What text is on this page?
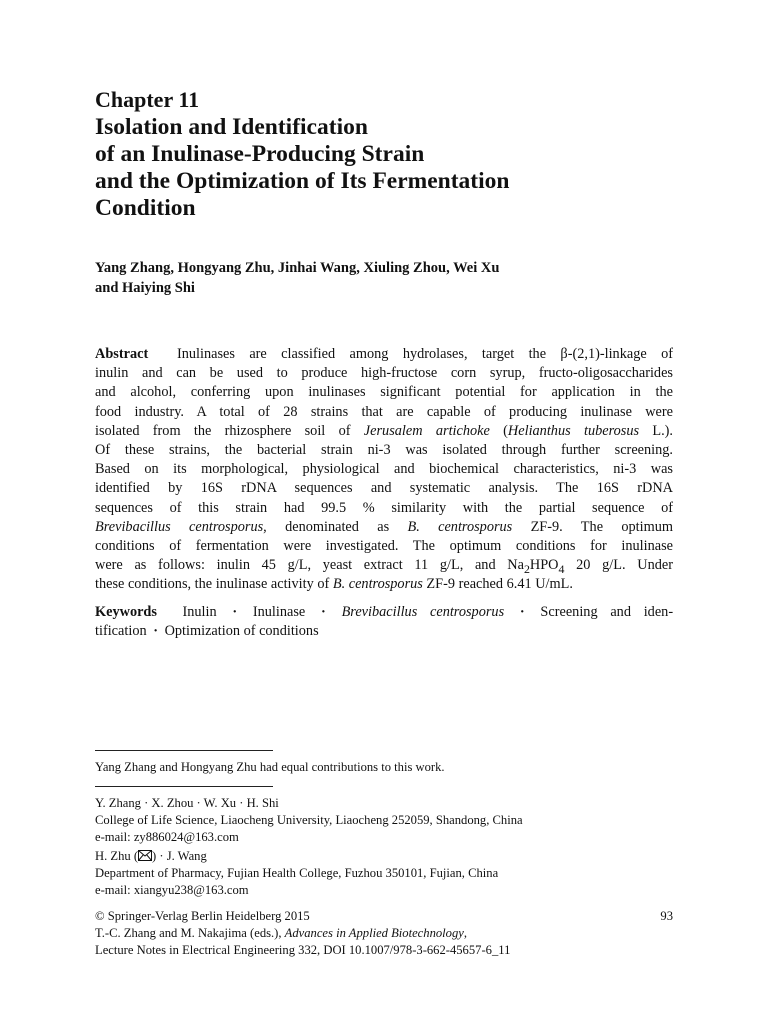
Chapter 11
Isolation and Identification
of an Inulinase-Producing Strain
and the Optimization of Its Fermentation
Condition
Yang Zhang, Hongyang Zhu, Jinhai Wang, Xiuling Zhou, Wei Xu
and Haiying Shi
Abstract Inulinases are classified among hydrolases, target the β-(2,1)-linkage of
inulin and can be used to produce high-fructose corn syrup, fructo-oligosaccharides
and alcohol, conferring upon inulinases significant potential for application in the
food industry. A total of 28 strains that are capable of producing inulinase were
isolated from the rhizosphere soil of Jerusalem artichoke (Helianthus tuberosus L.).
Of these strains, the bacterial strain ni-3 was isolated through further screening.
Based on its morphological, physiological and biochemical characteristics, ni-3 was
identified by 16S rDNA sequences and systematic analysis. The 16S rDNA
sequences of this strain had 99.5 % similarity with the partial sequence of
Brevibacillus centrosporus, denominated as B. centrosporus ZF-9. The optimum
conditions of fermentation were investigated. The optimum conditions for inulinase
were as follows: inulin 45 g/L, yeast extract 11 g/L, and $Na_2HPO_4$ 20 g/L. Under
these conditions, the inulinase activity of B. centrosporus ZF-9 reached 6.41 U/mL.
Keywords Inulin · Inulinase · Brevibacillus centrosporus · Screening and iden-
tification · Optimization of conditions
Yang Zhang and Hongyang Zhu had equal contributions to this work.
Y. Zhang · X. Zhou · W. Xu · H. Shi
College of Life Science, Liaocheng University, Liaocheng 252059, Shandong, China
e-mail: zy886024@163.com
H. Zhu ( ) · J. Wang
Department of Pharmacy, Fujian Health College, Fuzhou 350101, Fujian, China
e-mail: xiangyu238@163.com
© Springer-Verlag Berlin Heidelberg 2015
T.-C. Zhang and M. Nakajima (eds.), Advances in Applied Biotechnology,
Lecture Notes in Electrical Engineering 332, DOI 10.1007/978-3-662-45657-6_11
93
